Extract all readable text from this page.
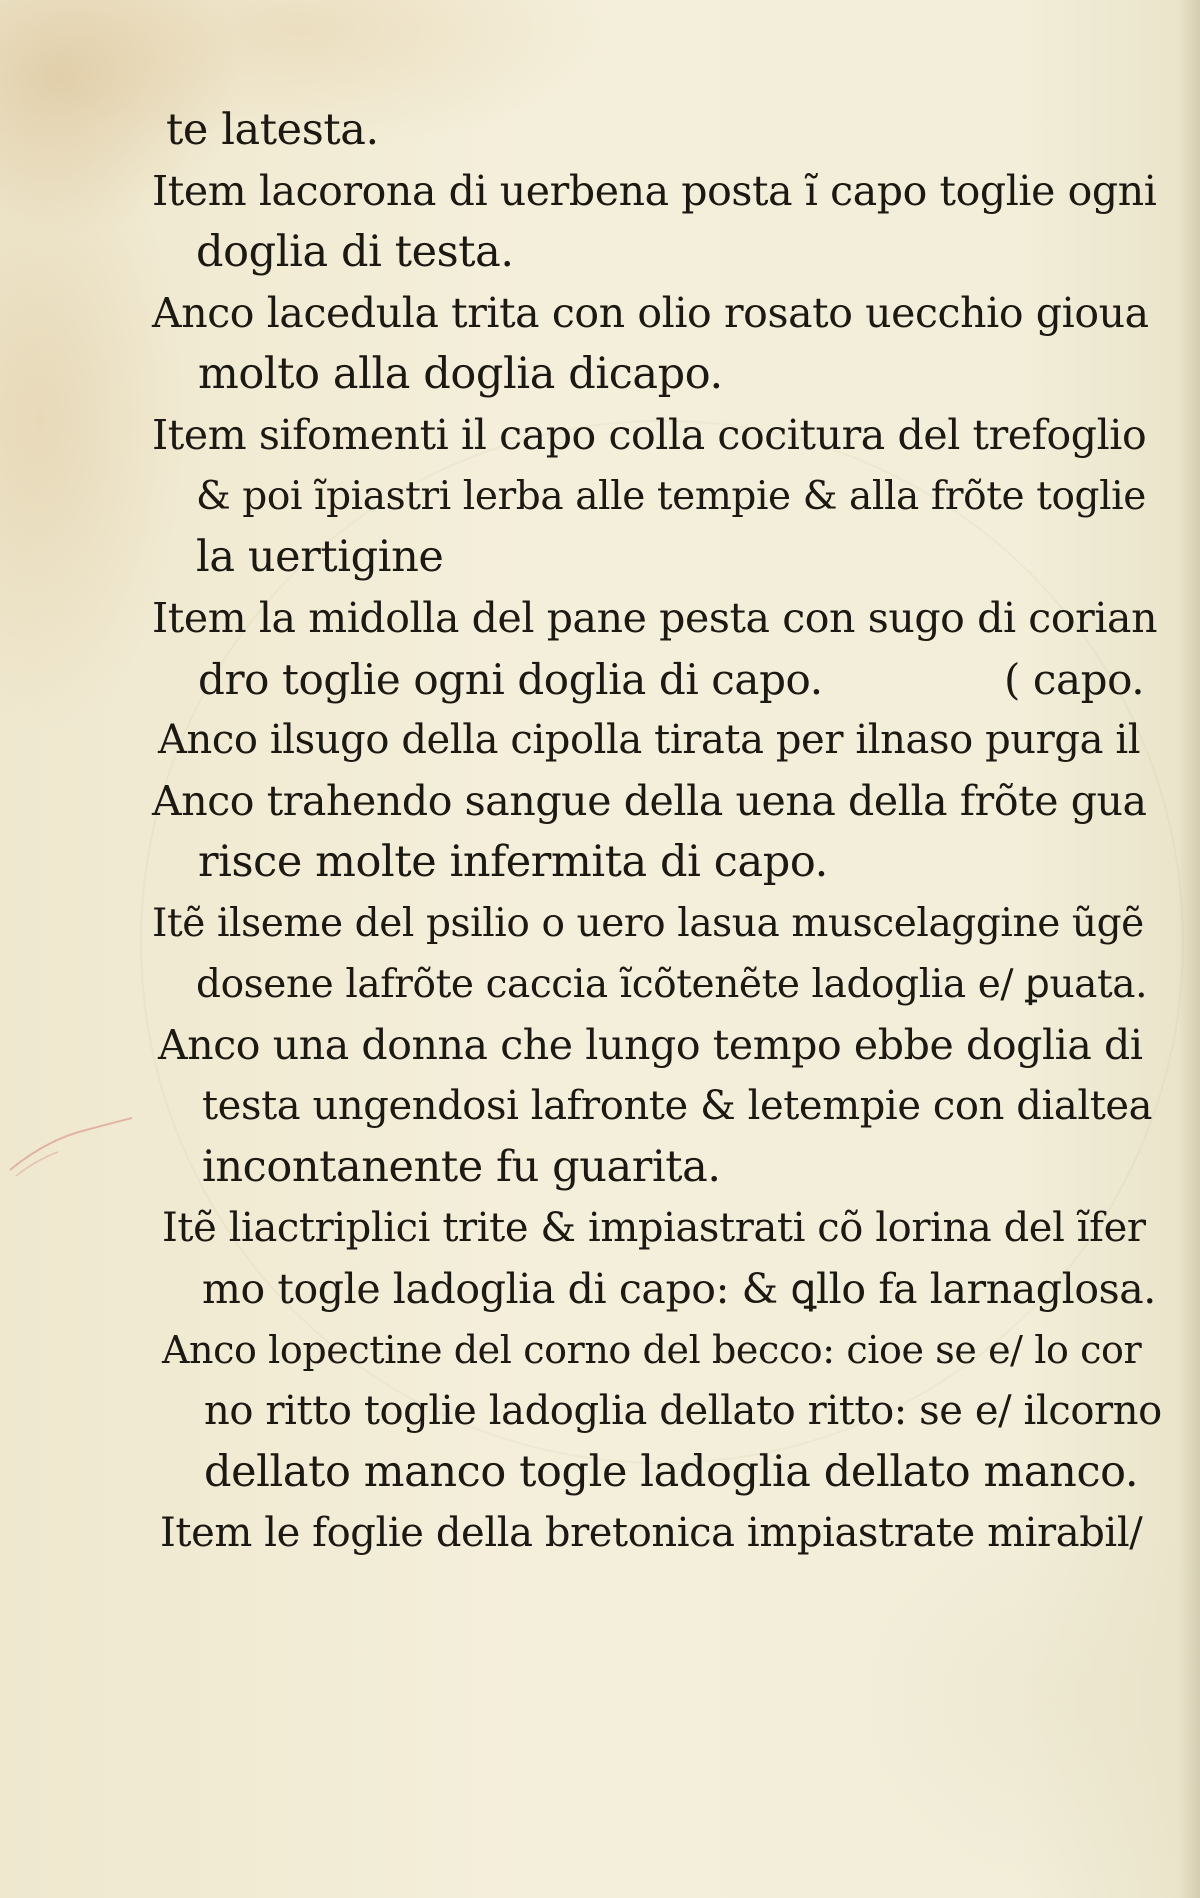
te latesta.
Item lacorona di uerbena posta ĩ capo toglie ogni
doglia di testa.
Anco lacedula trita con olio rosato uecchio gioua
molto alla doglia dicapo.
Item sifomenti il capo colla cocitura del trefoglio
& poi ĩpiastri lerba alle tempie & alla frõte toglie
la uertigine
Item la midolla del pane pesta con sugo di corian
dro toglie ogni doglia di capo.              ( capo.
Anco ilsugo della cipolla tirata per ilnaso purga il
Anco trahendo sangue della uena della frõte gua
risce molte infermita di capo.
Itẽ ilseme del psilio o uero lasua muscelaggine ũgẽ
dosene lafrõte caccia ĩcõtenẽte ladoglia e/ ꝑuata.
Anco una donna che lungo tempo ebbe doglia di
testa ungendosi lafronte & letempie con dialtea
incontanente fu guarita.
Itẽ liactriplici trite & impiastrati cõ lorina del ĩfer
mo togle ladoglia di capo: & ꝗllo fa larnaglosa.
Anco lopectine del corno del becco: cioe se e/ lo cor
no ritto toglie ladoglia dellato ritto: se e/ ilcorno
dellato manco togle ladoglia dellato manco.
Item le foglie della bretonica impiastrate mirabil/
